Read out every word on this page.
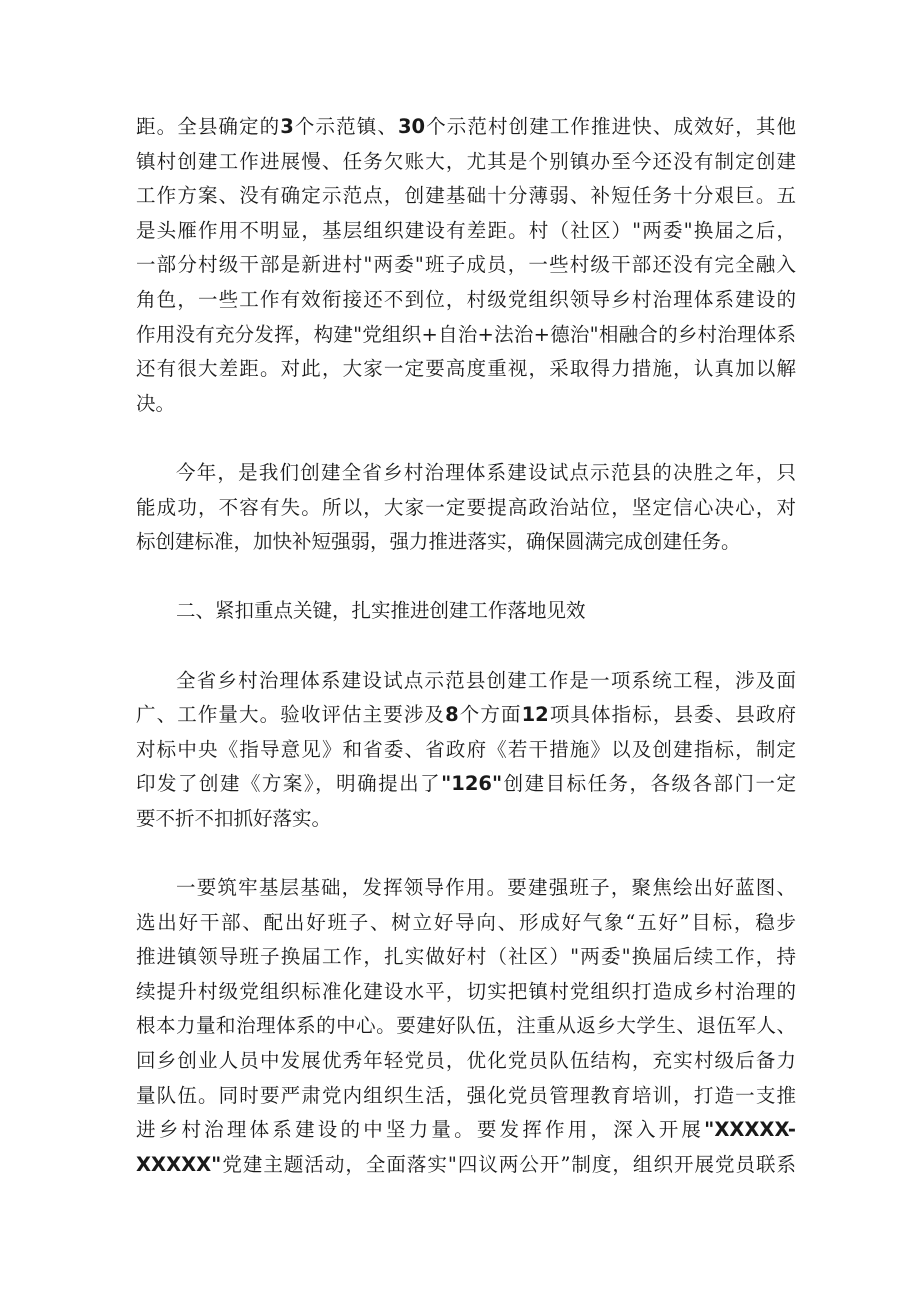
距。全县确定的3个示范镇、30个示范村创建工作推进快、成效好，其他
镇村创建工作进展慢、任务欠账大，尤其是个别镇办至今还没有制定创建
工作方案、没有确定示范点，创建基础十分薄弱、补短任务十分艰巨。五
是头雁作用不明显，基层组织建设有差距。村（社区）"两委"换届之后，
一部分村级干部是新进村"两委"班子成员，一些村级干部还没有完全融入
角色，一些工作有效衔接还不到位，村级党组织领导乡村治理体系建设的
作用没有充分发挥，构建"党组织+自治+法治+德治"相融合的乡村治理体系
还有很大差距。对此，大家一定要高度重视，采取得力措施，认真加以解
决。
今年，是我们创建全省乡村治理体系建设试点示范县的决胜之年，只
能成功，不容有失。所以，大家一定要提高政治站位，坚定信心决心，对
标创建标准，加快补短强弱，强力推进落实，确保圆满完成创建任务。
二、紧扣重点关键，扎实推进创建工作落地见效
全省乡村治理体系建设试点示范县创建工作是一项系统工程，涉及面
广、工作量大。验收评估主要涉及8个方面12项具体指标，县委、县政府
对标中央《指导意见》和省委、省政府《若干措施》以及创建指标，制定
印发了创建《方案》，明确提出了"126"创建目标任务，各级各部门一定
要不折不扣抓好落实。
一要筑牢基层基础，发挥领导作用。要建强班子，聚焦绘出好蓝图、
选出好干部、配出好班子、树立好导向、形成好气象“五好”目标，稳步
推进镇领导班子换届工作，扎实做好村（社区）"两委"换届后续工作，持
续提升村级党组织标准化建设水平，切实把镇村党组织打造成乡村治理的
根本力量和治理体系的中心。要建好队伍，注重从返乡大学生、退伍军人、
回乡创业人员中发展优秀年轻党员，优化党员队伍结构，充实村级后备力
量队伍。同时要严肃党内组织生活，强化党员管理教育培训，打造一支推
进乡村治理体系建设的中坚力量。要发挥作用，深入开展"XXXXX-
XXXXX"党建主题活动，全面落实"四议两公开”制度，组织开展党员联系
